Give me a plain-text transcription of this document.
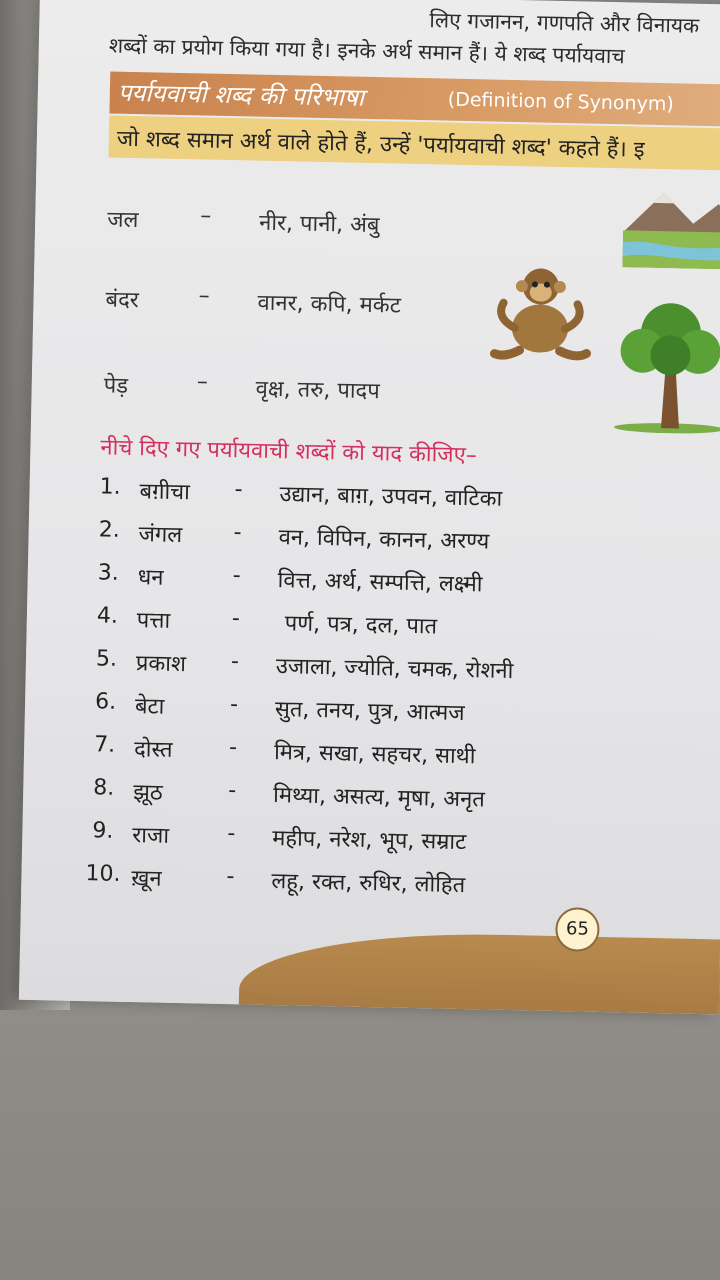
लिए गजानन, गणपति और विनायक
शब्दों का प्रयोग किया गया है। इनके अर्थ समान हैं। ये शब्द पर्यायवाच
पर्यायवाची शब्द की परिभाषा	(Definition of Synonym)
जो शब्द समान अर्थ वाले होते हैं, उन्हें 'पर्यायवाची शब्द' कहते हैं। इ
जल	– नीर, पानी, अंबु
बंदर	– वानर, कपि, मर्कट
पेड़	– वृक्ष, तरु, पादप
नीचे दिए गए पर्यायवाची शब्दों को याद कीजिए–
1. बग़ीचा - उद्यान, बाग़, उपवन, वाटिका
2. जंगल - वन, विपिन, कानन, अरण्य
3. धन	- वित्त, अर्थ, सम्पत्ति, लक्ष्मी
4. पत्ता	- पर्ण, पत्र, दल, पात
5. प्रकाश - उजाला, ज्योति, चमक, रोशनी
6. बेटा	- सुत, तनय, पुत्र, आत्मज
7. दोस्त	- मित्र, सखा, सहचर, साथी
8. झूठ	- मिथ्या, असत्य, मृषा, अनृत
9. राजा	- महीप, नरेश, भूप, सम्राट
10. ख़ून	- लहू, रक्त, रुधिर, लोहित
65
